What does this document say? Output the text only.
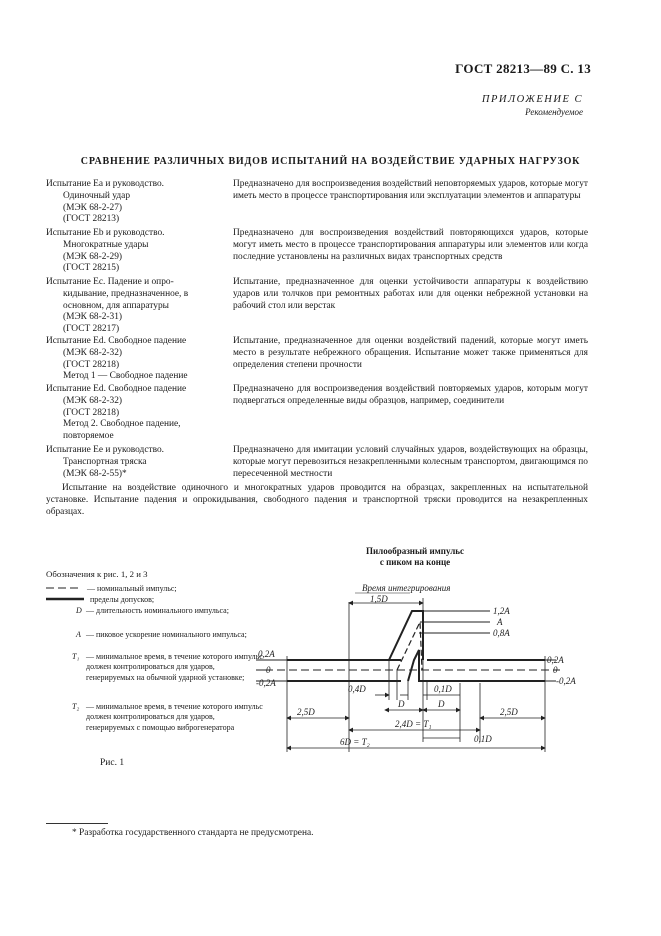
ГОСТ 28213—89 С. 13
ПРИЛОЖЕНИЕ С
Рекомендуемое
СРАВНЕНИЕ РАЗЛИЧНЫХ ВИДОВ ИСПЫТАНИЙ НА ВОЗДЕЙСТВИЕ УДАРНЫХ НАГРУЗОК
Испытание Еа и руководство.
Одиночный удар
(МЭК 68-2-27)
(ГОСТ 28213)
Предназначено для воспроизведения воздействий неповторяемых ударов, которые могут иметь место в процессе транспортирования или эксплуатации элементов и аппаратуры
Испытание Еb и руководство.
Многократные удары
(МЭК 68-2-29)
(ГОСТ 28215)
Предназначено для воспроизведения воздействий повторяющихся ударов, которые могут иметь место в процессе транспортирования аппаратуры или элементов или когда последние установлены на различных видах транспортных средств
Испытание Ес. Падение и опро-
кидывание, предназначенное, в
основном, для аппаратуры
(МЭК 68-2-31)
(ГОСТ 28217)
Испытание, предназначенное для оценки устойчивости аппаратуры к воздействию ударов или толчков при ремонтных работах или для оценки небрежной установки на рабочий стол или верстак
Испытание Ed. Свободное падение
(МЭК 68-2-32)
(ГОСТ 28218)
Метод 1 — Свободное падение
Испытание, предназначенное для оценки воздействий падений, которые могут иметь место в результате небрежного обращения. Испытание может также применяться для определения степени прочности
Испытание Ed. Свободное падение
(МЭК 68-2-32)
(ГОСТ 28218)
Метод 2. Свободное падение,
повторяемое
Предназначено для воспроизведения воздействий повторяемых ударов, которым могут подвергаться определенные виды образцов, например, соединители
Испытание Ее и руководство.
Транспортная тряска
(МЭК 68-2-55)*
Предназначено для имитации условий случайных ударов, воздействующих на образцы, которые могут перевозиться незакрепленными колесным транспортом, двигающимся по пересеченной местности
Испытание на воздействие одиночного и многократных ударов проводится на образцах, закрепленных на испытательной установке. Испытание падения и опрокидывания, свободного падения и транспортной тряски проводится на незакрепленных образцах.
Пилообразный импульс
с пиком на конце
Обозначения к рис. 1, 2 и 3
— номинальный импульс;
пределы допусков;
D — длительность номинального импульса;
A — пиковое ускорение номинального импульса;
T₁ — минимальное время, в течение которого импульс должен контролироваться для ударов, генерируемых на обычной ударной установке;
T₂ — минимальное время, в течение которого импульс должен контролироваться для ударов, генерируемых с помощью виброгенератора
Рис. 1
Время интегрирования
1,5D
1,2A
A
0,8A
0,2A
0
-0,2A
0,2A
0
-0,2A
0,4D	0,1D
D	D
2,5D	2,5D
2,4D = T₁
0,1D
6D = T₂
* Разработка государственного стандарта не предусмотрена.
